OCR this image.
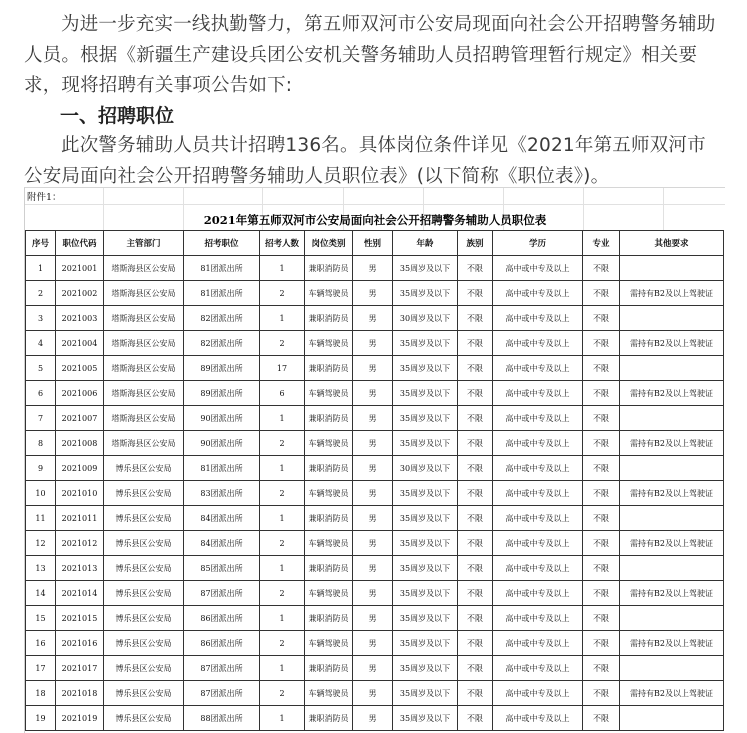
为进一步充实一线执勤警力，第五师双河市公安局现面向社会公开招聘警务辅助人员。根据《新疆生产建设兵团公安机关警务辅助人员招聘管理暂行规定》相关要求，现将招聘有关事项公告如下:

一、招聘职位

此次警务辅助人员共计招聘136名。具体岗位条件详见《2021年第五师双河市公安局面向社会公开招聘警务辅助人员职位表》(以下简称《职位表》)。

附件1：
2021年第五师双河市公安局面向社会公开招聘警务辅助人员职位表
序号	职位代码	主管部门	招考职位	招考人数	岗位类别	性别	年龄	族别	学历	专业	其他要求
1	2021001	塔斯海县区公安局	81团派出所	1	兼职消防员	男	35周岁及以下	不限	高中或中专及以上	不限	
2	2021002	塔斯海县区公安局	81团派出所	2	车辆驾驶员	男	35周岁及以下	不限	高中或中专及以上	不限	需持有B2及以上驾驶证
3	2021003	塔斯海县区公安局	82团派出所	1	兼职消防员	男	30周岁及以下	不限	高中或中专及以上	不限	
4	2021004	塔斯海县区公安局	82团派出所	2	车辆驾驶员	男	35周岁及以下	不限	高中或中专及以上	不限	需持有B2及以上驾驶证
5	2021005	塔斯海县区公安局	89团派出所	17	兼职消防员	男	35周岁及以下	不限	高中或中专及以上	不限	
6	2021006	塔斯海县区公安局	89团派出所	6	车辆驾驶员	男	35周岁及以下	不限	高中或中专及以上	不限	需持有B2及以上驾驶证
7	2021007	塔斯海县区公安局	90团派出所	1	兼职消防员	男	35周岁及以下	不限	高中或中专及以上	不限	
8	2021008	塔斯海县区公安局	90团派出所	2	车辆驾驶员	男	35周岁及以下	不限	高中或中专及以上	不限	需持有B2及以上驾驶证
9	2021009	博乐县区公安局	81团派出所	1	兼职消防员	男	30周岁及以下	不限	高中或中专及以上	不限	
10	2021010	博乐县区公安局	83团派出所	2	车辆驾驶员	男	35周岁及以下	不限	高中或中专及以上	不限	需持有B2及以上驾驶证
11	2021011	博乐县区公安局	84团派出所	1	兼职消防员	男	35周岁及以下	不限	高中或中专及以上	不限	
12	2021012	博乐县区公安局	84团派出所	2	车辆驾驶员	男	35周岁及以下	不限	高中或中专及以上	不限	需持有B2及以上驾驶证
13	2021013	博乐县区公安局	85团派出所	1	兼职消防员	男	35周岁及以下	不限	高中或中专及以上	不限	
14	2021014	博乐县区公安局	87团派出所	2	车辆驾驶员	男	35周岁及以下	不限	高中或中专及以上	不限	需持有B2及以上驾驶证
15	2021015	博乐县区公安局	86团派出所	1	兼职消防员	男	35周岁及以下	不限	高中或中专及以上	不限	
16	2021016	博乐县区公安局	86团派出所	2	车辆驾驶员	男	35周岁及以下	不限	高中或中专及以上	不限	需持有B2及以上驾驶证
17	2021017	博乐县区公安局	87团派出所	1	兼职消防员	男	35周岁及以下	不限	高中或中专及以上	不限	
18	2021018	博乐县区公安局	87团派出所	2	车辆驾驶员	男	35周岁及以下	不限	高中或中专及以上	不限	需持有B2及以上驾驶证
19	2021019	博乐县区公安局	88团派出所	1	兼职消防员	男	35周岁及以下	不限	高中或中专及以上	不限	
